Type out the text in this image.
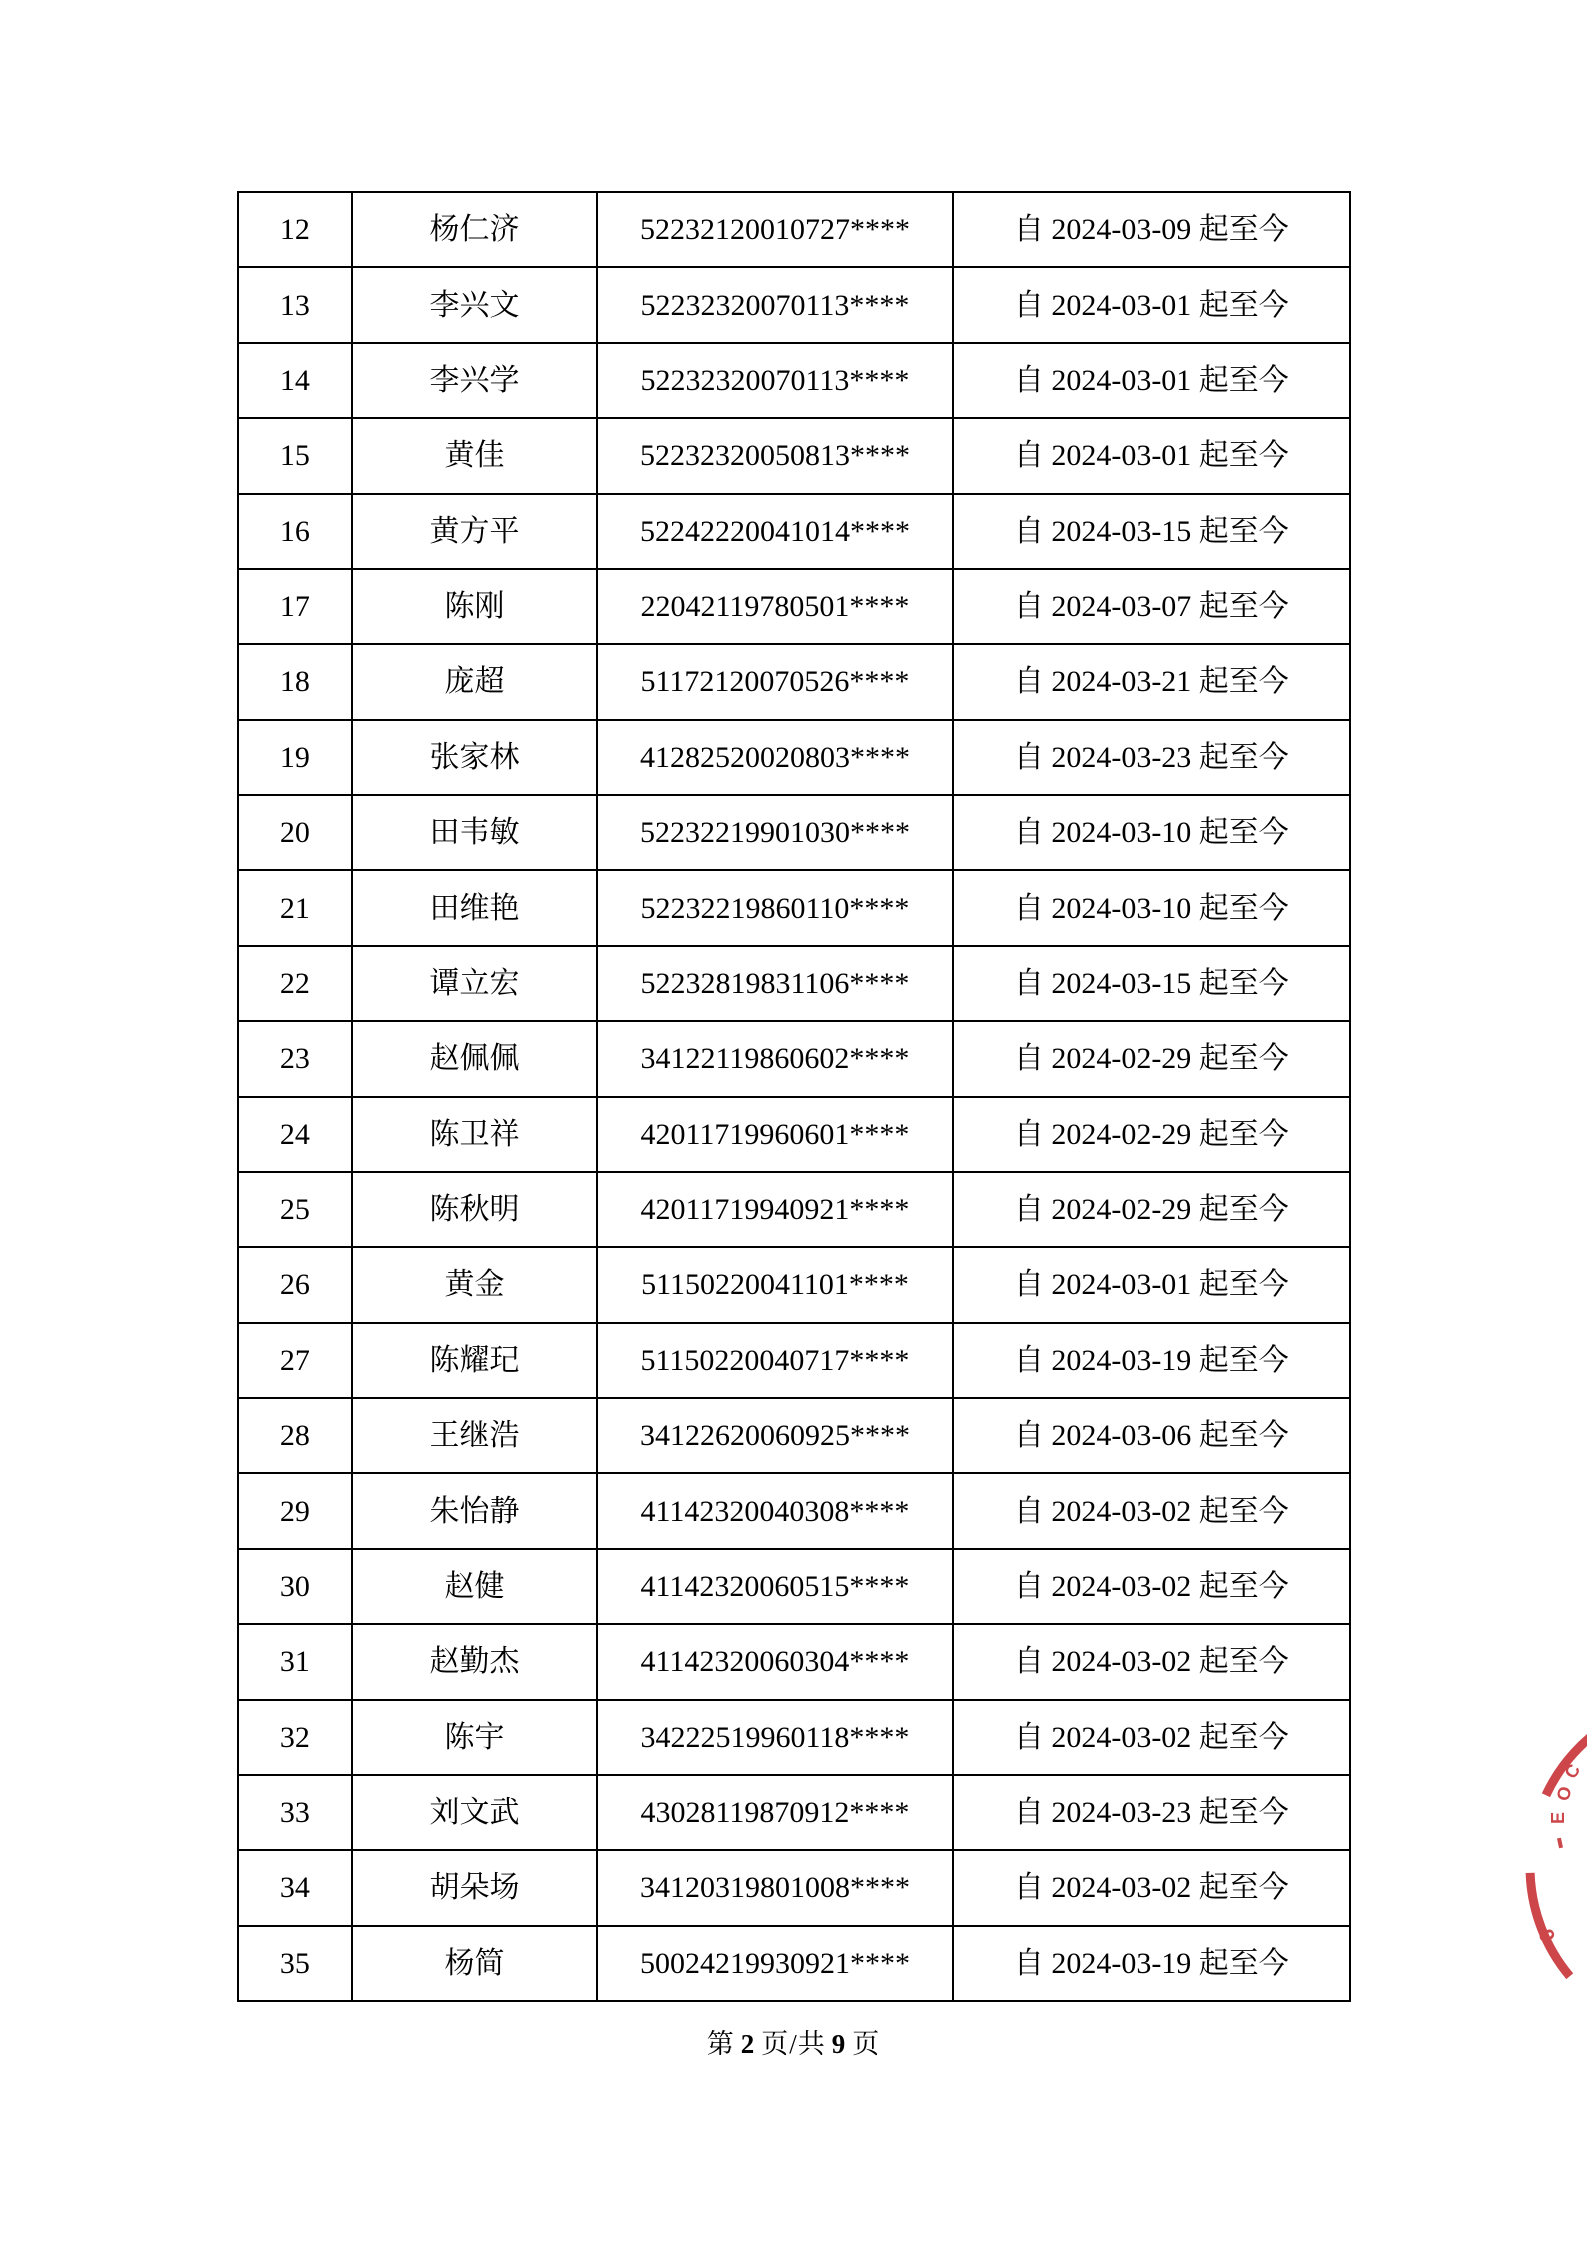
12	杨仁济	52232120010727****	自 2024-03-09 起至今
13	李兴文	52232320070113****	自 2024-03-01 起至今
14	李兴学	52232320070113****	自 2024-03-01 起至今
15	黄佳	52232320050813****	自 2024-03-01 起至今
16	黄方平	52242220041014****	自 2024-03-15 起至今
17	陈刚	22042119780501****	自 2024-03-07 起至今
18	庞超	51172120070526****	自 2024-03-21 起至今
19	张家林	41282520020803****	自 2024-03-23 起至今
20	田韦敏	52232219901030****	自 2024-03-10 起至今
21	田维艳	52232219860110****	自 2024-03-10 起至今
22	谭立宏	52232819831106****	自 2024-03-15 起至今
23	赵佩佩	34122119860602****	自 2024-02-29 起至今
24	陈卫祥	42011719960601****	自 2024-02-29 起至今
25	陈秋明	42011719940921****	自 2024-02-29 起至今
26	黄金	51150220041101****	自 2024-03-01 起至今
27	陈耀玘	51150220040717****	自 2024-03-19 起至今
28	王继浩	34122620060925****	自 2024-03-06 起至今
29	朱怡静	41142320040308****	自 2024-03-02 起至今
30	赵健	41142320060515****	自 2024-03-02 起至今
31	赵勤杰	41142320060304****	自 2024-03-02 起至今
32	陈宇	34222519960118****	自 2024-03-02 起至今
33	刘文武	43028119870912****	自 2024-03-23 起至今
34	胡朵场	34120319801008****	自 2024-03-02 起至今
35	杨简	50024219930921****	自 2024-03-19 起至今
第 2 页/共 9 页
C
O
E
6
